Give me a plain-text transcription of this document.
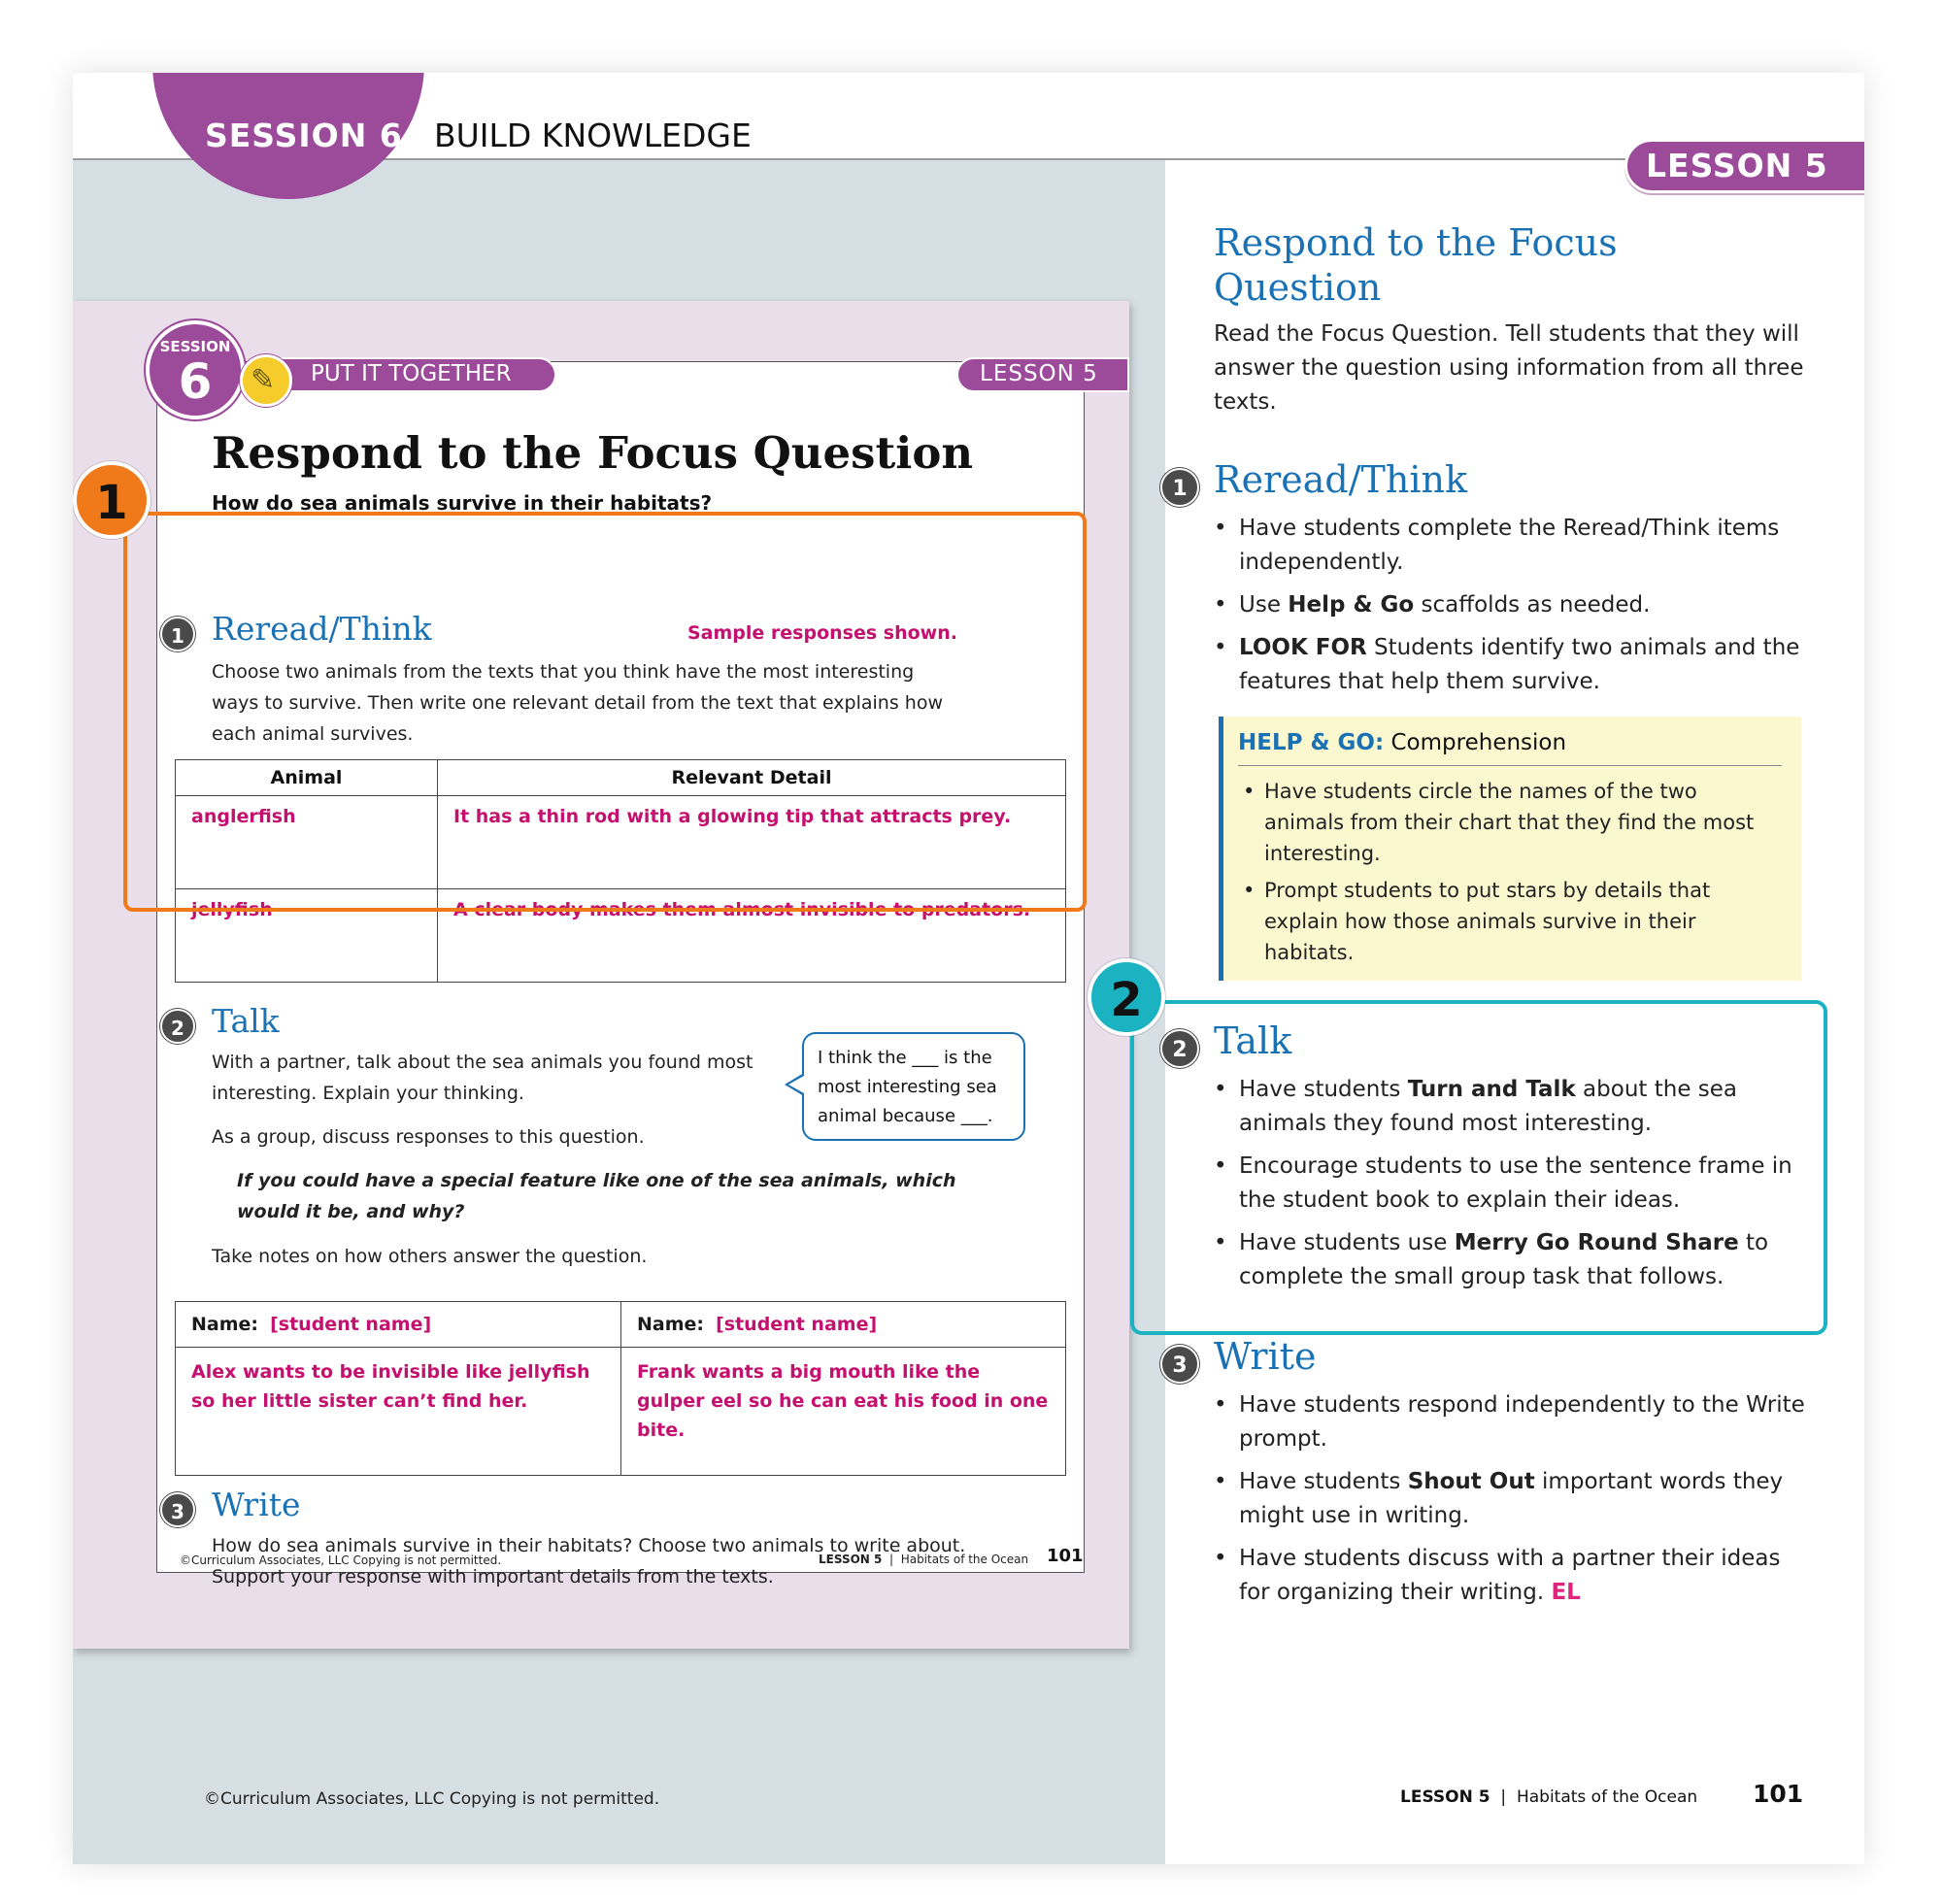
SESSION 6 BUILD KNOWLEDGE
LESSON 5
SESSION
6	✎ PUT IT TOGETHER	LESSON 5
Respond to the Focus Question
How do sea animals survive in their habitats?
1 Reread/Think	Sample responses shown.
Choose two animals from the texts that you think have the most interesting ways to survive. Then write one relevant detail from the text that explains how each animal survives.
Animal	Relevant Detail
anglerfish	It has a thin rod with a glowing tip that attracts prey.
jellyfish	A clear body makes them almost invisible to predators.
2 Talk
With a partner, talk about the sea animals you found most interesting. Explain your thinking.
As a group, discuss responses to this question.
If you could have a special feature like one of the sea animals, which would it be, and why?
Take notes on how others answer the question.
I think the ___ is the most interesting sea animal because ___.
Name: [student name]	Name: [student name]
Alex wants to be invisible like jellyfish so her little sister can’t find her.	Frank wants a big mouth like the gulper eel so he can eat his food in one bite.
3 Write
How do sea animals survive in their habitats? Choose two animals to write about. Support your response with important details from the texts.
©Curriculum Associates, LLC Copying is not permitted.	LESSON 5  |  Habitats of the Ocean 101
1
Respond to the Focus Question
Read the Focus Question. Tell students that they will answer the question using information from all three texts.
1 Reread/Think
• Have students complete the Reread/Think items independently.
• Use Help & Go scaffolds as needed.
• LOOK FOR Students identify two animals and the features that help them survive.
HELP & GO: Comprehension
• Have students circle the names of the two animals from their chart that they find the most interesting.
• Prompt students to put stars by details that explain how those animals survive in their habitats.
2
2 Talk
• Have students Turn and Talk about the sea animals they found most interesting.
• Encourage students to use the sentence frame in the student book to explain their ideas.
• Have students use Merry Go Round Share to complete the small group task that follows.
3 Write
• Have students respond independently to the Write prompt.
• Have students Shout Out important words they might use in writing.
• Have students discuss with a partner their ideas for organizing their writing. EL
©Curriculum Associates, LLC Copying is not permitted.	LESSON 5  |  Habitats of the Ocean 101
